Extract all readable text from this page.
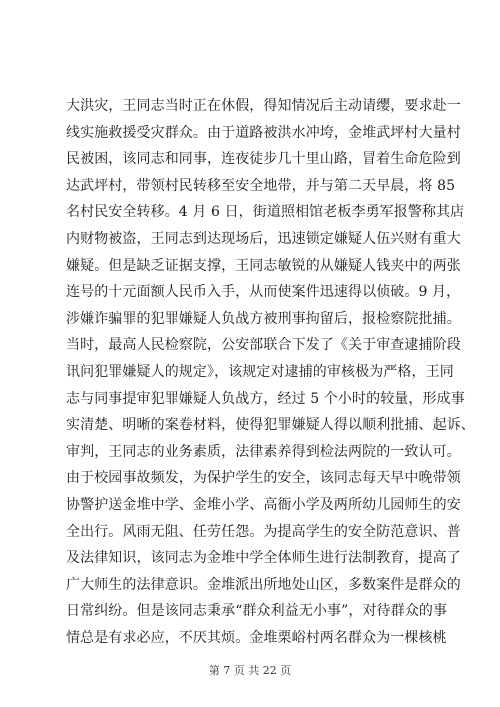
大洪灾，王同志当时正在休假，得知情况后主动请缨，要求赴一
线实施救援受灾群众。由于道路被洪水冲垮，金堆武坪村大量村
民被困，该同志和同事，连夜徒步几十里山路，冒着生命危险到
达武坪村，带领村民转移至安全地带，并与第二天早晨，将 85
名村民安全转移。4 月 6 日，街道照相馆老板李勇军报警称其店
内财物被盗，王同志到达现场后，迅速锁定嫌疑人伍兴财有重大
嫌疑。但是缺乏证据支撑，王同志敏锐的从嫌疑人钱夹中的两张
连号的十元面额人民币入手，从而使案件迅速得以侦破。9 月，
涉嫌诈骗罪的犯罪嫌疑人负战方被刑事拘留后，报检察院批捕。
当时，最高人民检察院，公安部联合下发了《关于审查逮捕阶段
讯问犯罪嫌疑人的规定》，该规定对逮捕的审核极为严格，王同
志与同事提审犯罪嫌疑人负战方，经过 5 个小时的较量，形成事
实清楚、明晰的案卷材料，使得犯罪嫌疑人得以顺利批捕、起诉、
审判，王同志的业务素质，法律素养得到检法两院的一致认可。
由于校园事故频发，为保护学生的安全，该同志每天早中晚带领
协警护送金堆中学、金堆小学、高衙小学及两所幼儿园师生的安
全出行。风雨无阻、任劳任怨。为提高学生的安全防范意识、普
及法律知识，该同志为金堆中学全体师生进行法制教育，提高了
广大师生的法律意识。金堆派出所地处山区，多数案件是群众的
日常纠纷。但是该同志秉承“群众利益无小事”，对待群众的事
情总是有求必应，不厌其烦。金堆栗峪村两名群众为一棵核桃
第 7 页 共 22 页
